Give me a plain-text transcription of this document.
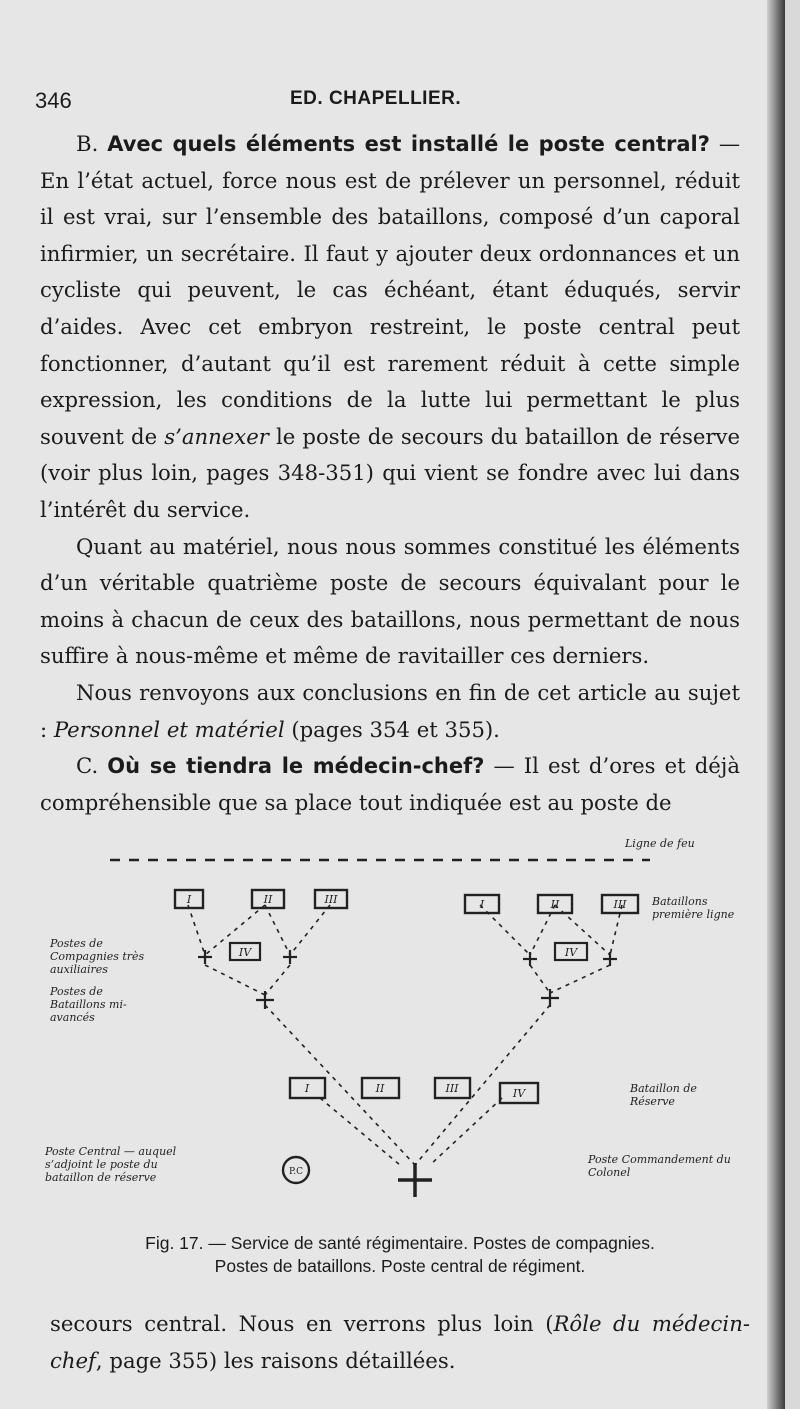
346	ED. CHAPELLIER.

B. Avec quels éléments est installé le poste central? — En l’état actuel, force nous est de prélever un personnel, réduit il est vrai, sur l’ensemble des bataillons, composé d’un caporal infirmier, un secrétaire. Il faut y ajouter deux ordonnances et un cycliste qui peuvent, le cas échéant, étant éduqués, servir d’aides. Avec cet embryon restreint, le poste central peut fonctionner, d’autant qu’il est rarement réduit à cette simple expression, les conditions de la lutte lui permettant le plus souvent de s’annexer le poste de secours du bataillon de réserve (voir plus loin, pages 348-351) qui vient se fondre avec lui dans l’intérêt du service.

Quant au matériel, nous nous sommes constitué les éléments d’un véritable quatrième poste de secours équivalant pour le moins à chacun de ceux des bataillons, nous permettant de nous suffire à nous-même et même de ravitailler ces derniers.

Nous renvoyons aux conclusions en fin de cet article au sujet : Personnel et matériel (pages 354 et 355).

C. Où se tiendra le médecin-chef? — Il est d’ores et déjà compréhensible que sa place tout indiquée est au poste de

I	II	III
IV
I	II	III
IV
I	II	III	IV
P.C
Ligne de feu
Bataillons première ligne
Postes de Compagnies très auxiliaires
Postes de Bataillons mi-avancés
Bataillon de Réserve
Poste Central — auquel s’adjoint le poste du bataillon de réserve
Poste Commandement du Colonel
Fig. 17. — Service de santé régimentaire. Postes de compagnies.
Postes de bataillons. Poste central de régiment.
secours central. Nous en verrons plus loin (Rôle du médecin-chef, page 355) les raisons détaillées.
